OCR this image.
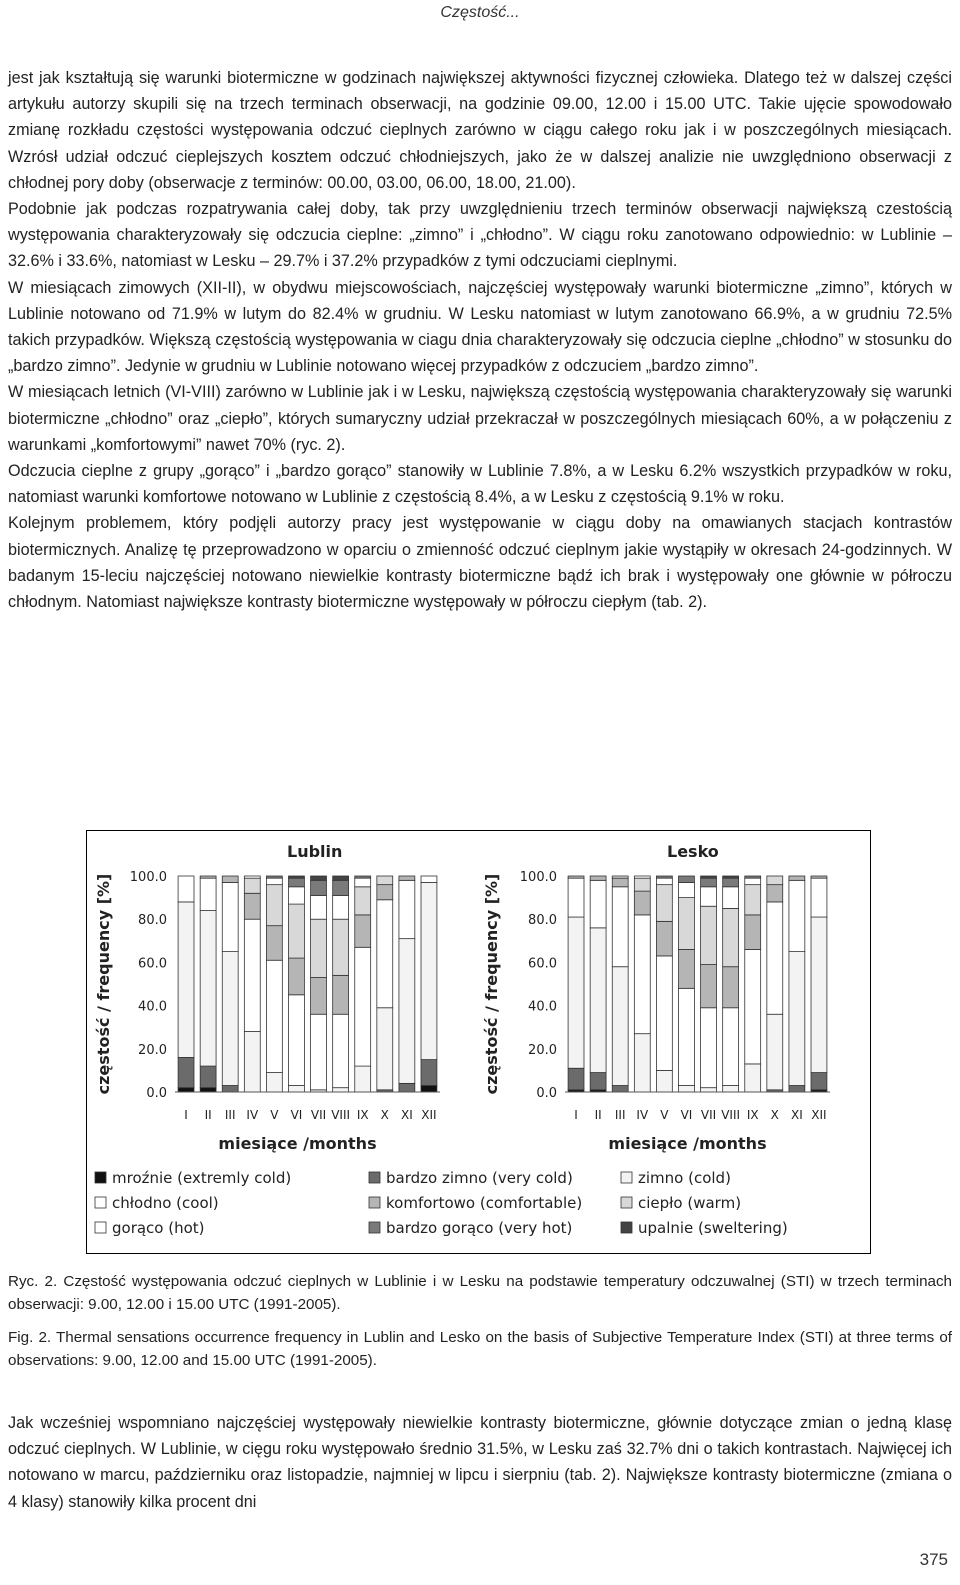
Częstość...

jest jak kształtują się warunki biotermiczne w godzinach największej aktywności fizycznej człowieka. Dlatego też w dalszej części artykułu autorzy skupili się na trzech terminach obserwacji, na godzinie 09.00, 12.00 i 15.00 UTC. Takie ujęcie spowodowało zmianę rozkładu częstości występowania odczuć cieplnych zarówno w ciągu całego roku jak i w poszczególnych miesiącach. Wzrósł udział odczuć cieplejszych kosztem odczuć chłodniejszych, jako że w dalszej analizie nie uwzględniono obserwacji z chłodnej pory doby (obserwacje z terminów: 00.00, 03.00, 06.00, 18.00, 21.00).

Podobnie jak podczas rozpatrywania całej doby, tak przy uwzględnieniu trzech terminów obserwacji największą czestością występowania charakteryzowały się odczucia cieplne: „zimno” i „chłodno”. W ciągu roku zanotowano odpowiednio: w Lublinie – 32.6% i 33.6%, natomiast w Lesku – 29.7% i 37.2% przypadków z tymi odczuciami cieplnymi.

W miesiącach zimowych (XII-II), w obydwu miejscowościach, najczęściej występowały warunki biotermiczne „zimno”, których w Lublinie notowano od 71.9% w lutym do 82.4% w grudniu. W Lesku natomiast w lutym zanotowano 66.9%, a w grudniu 72.5% takich przypadków. Większą częstością występowania w ciagu dnia charakteryzowały się odczucia cieplne „chłodno” w stosunku do „bardzo zimno”. Jedynie w grudniu w Lublinie notowano więcej przypadków z odczuciem „bardzo zimno”.

W miesiącach letnich (VI-VIII) zarówno w Lublinie jak i w Lesku, największą częstością występowania charakteryzowały się warunki biotermiczne „chłodno” oraz „ciepło”, których sumaryczny udział przekraczał w poszczególnych miesiącach 60%, a w połączeniu z warunkami „komfortowymi” nawet 70% (ryc. 2).

Odczucia cieplne z grupy „gorąco” i „bardzo gorąco” stanowiły w Lublinie 7.8%, a w Lesku 6.2% wszystkich przypadków w roku, natomiast warunki komfortowe notowano w Lublinie z częstością 8.4%, a w Lesku z częstością 9.1% w roku.

Kolejnym problemem, który podjęli autorzy pracy jest występowanie w ciągu doby na omawianych stacjach kontrastów biotermicznych. Analizę tę przeprowadzono w oparciu o zmienność odczuć cieplnym jakie wystąpiły w okresach 24-godzinnych. W badanym 15-leciu najczęściej notowano niewielkie kontrasty biotermiczne bądź ich brak i występowały one głównie w półroczu chłodnym. Natomiast największe kontrasty biotermiczne występowały w półroczu ciepłym (tab. 2).

Lublin
0.0
20.0
40.0
60.0
80.0
100.0
częstość / frequency [%]
I II III IV V VI VII VIII IX X XI XII
miesiące /months
Lesko
0.0
20.0
40.0
60.0
80.0
100.0
częstość / frequency [%]
I II III IV V VI VII VIII IX X XI XII
miesiące /months
mroźnie (extremly cold)	bardzo zimno (very cold)	zimno (cold)
chłodno (cool)	komfortowo (comfortable)	ciepło (warm)
gorąco (hot)	bardzo gorąco (very hot)	upalnie (sweltering)

Ryc. 2. Częstość występowania odczuć cieplnych w Lublinie i w Lesku na podstawie temperatury odczuwalnej (STI) w trzech terminach obserwacji: 9.00, 12.00 i 15.00 UTC (1991-2005).

Fig. 2. Thermal sensations occurrence frequency in Lublin and Lesko on the basis of Subjective Temperature Index (STI) at three terms of observations: 9.00, 12.00 and 15.00 UTC (1991-2005).

Jak wcześniej wspomniano najczęściej występowały niewielkie kontrasty biotermiczne, głównie dotyczące zmian o jedną klasę odczuć cieplnych. W Lublinie, w cięgu roku występowało średnio 31.5%, w Lesku zaś 32.7% dni o takich kontrastach. Najwięcej ich notowano w marcu, październiku oraz listopadzie, najmniej w lipcu i sierpniu (tab. 2). Największe kontrasty biotermiczne (zmiana o 4 klasy) stanowiły kilka procent dni

375
